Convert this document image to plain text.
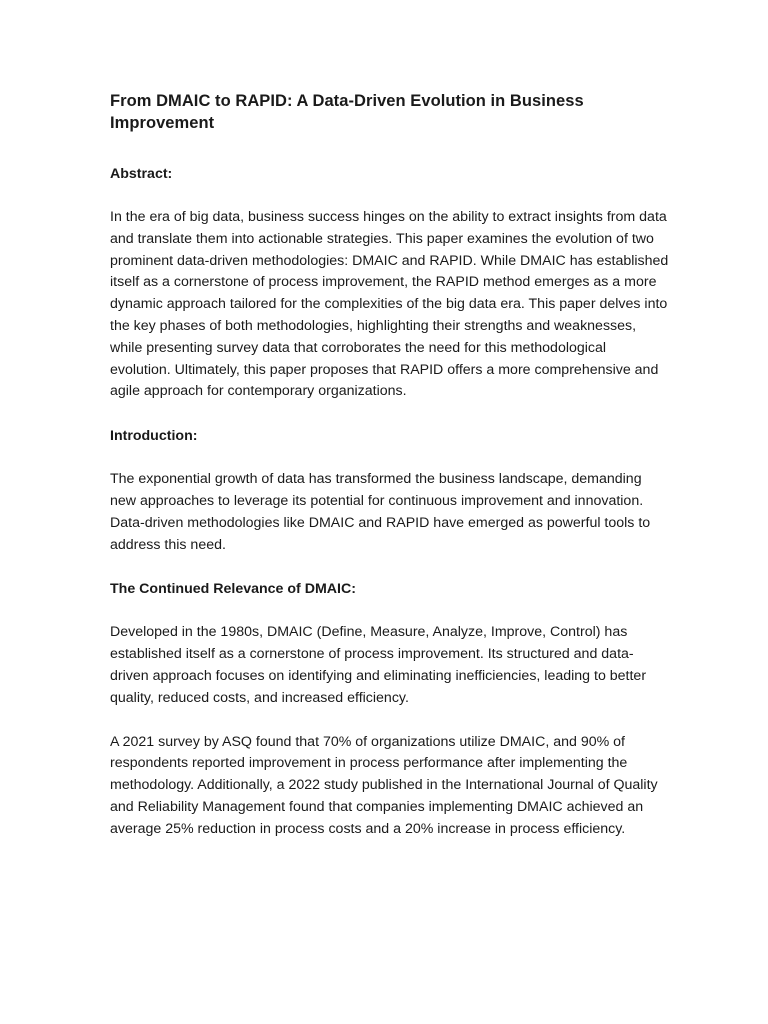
From DMAIC to RAPID: A Data-Driven Evolution in Business Improvement
Abstract:

In the era of big data, business success hinges on the ability to extract insights from data and translate them into actionable strategies. This paper examines the evolution of two prominent data-driven methodologies: DMAIC and RAPID. While DMAIC has established itself as a cornerstone of process improvement, the RAPID method emerges as a more dynamic approach tailored for the complexities of the big data era. This paper delves into the key phases of both methodologies, highlighting their strengths and weaknesses, while presenting survey data that corroborates the need for this methodological evolution. Ultimately, this paper proposes that RAPID offers a more comprehensive and agile approach for contemporary organizations.

Introduction:

The exponential growth of data has transformed the business landscape, demanding new approaches to leverage its potential for continuous improvement and innovation. Data-driven methodologies like DMAIC and RAPID have emerged as powerful tools to address this need.

The Continued Relevance of DMAIC:

Developed in the 1980s, DMAIC (Define, Measure, Analyze, Improve, Control) has established itself as a cornerstone of process improvement. Its structured and data-driven approach focuses on identifying and eliminating inefficiencies, leading to better quality, reduced costs, and increased efficiency.

A 2021 survey by ASQ found that 70% of organizations utilize DMAIC, and 90% of respondents reported improvement in process performance after implementing the methodology. Additionally, a 2022 study published in the International Journal of Quality and Reliability Management found that companies implementing DMAIC achieved an average 25% reduction in process costs and a 20% increase in process efficiency.
